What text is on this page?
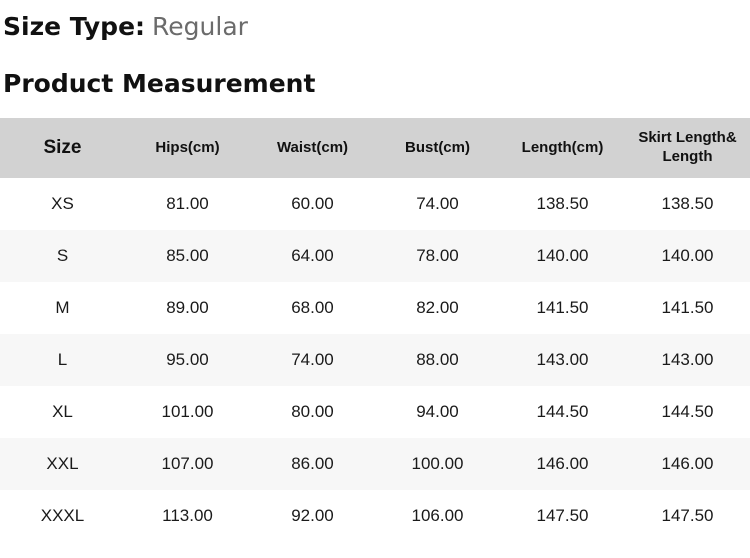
Size Type: Regular
Product Measurement
Size	Hips(cm)	Waist(cm)	Bust(cm)	Length(cm)	Skirt Length&Length
XS	81.00	60.00	74.00	138.50	138.50
S	85.00	64.00	78.00	140.00	140.00
M	89.00	68.00	82.00	141.50	141.50
L	95.00	74.00	88.00	143.00	143.00
XL	101.00	80.00	94.00	144.50	144.50
XXL	107.00	86.00	100.00	146.00	146.00
XXXL	113.00	92.00	106.00	147.50	147.50
